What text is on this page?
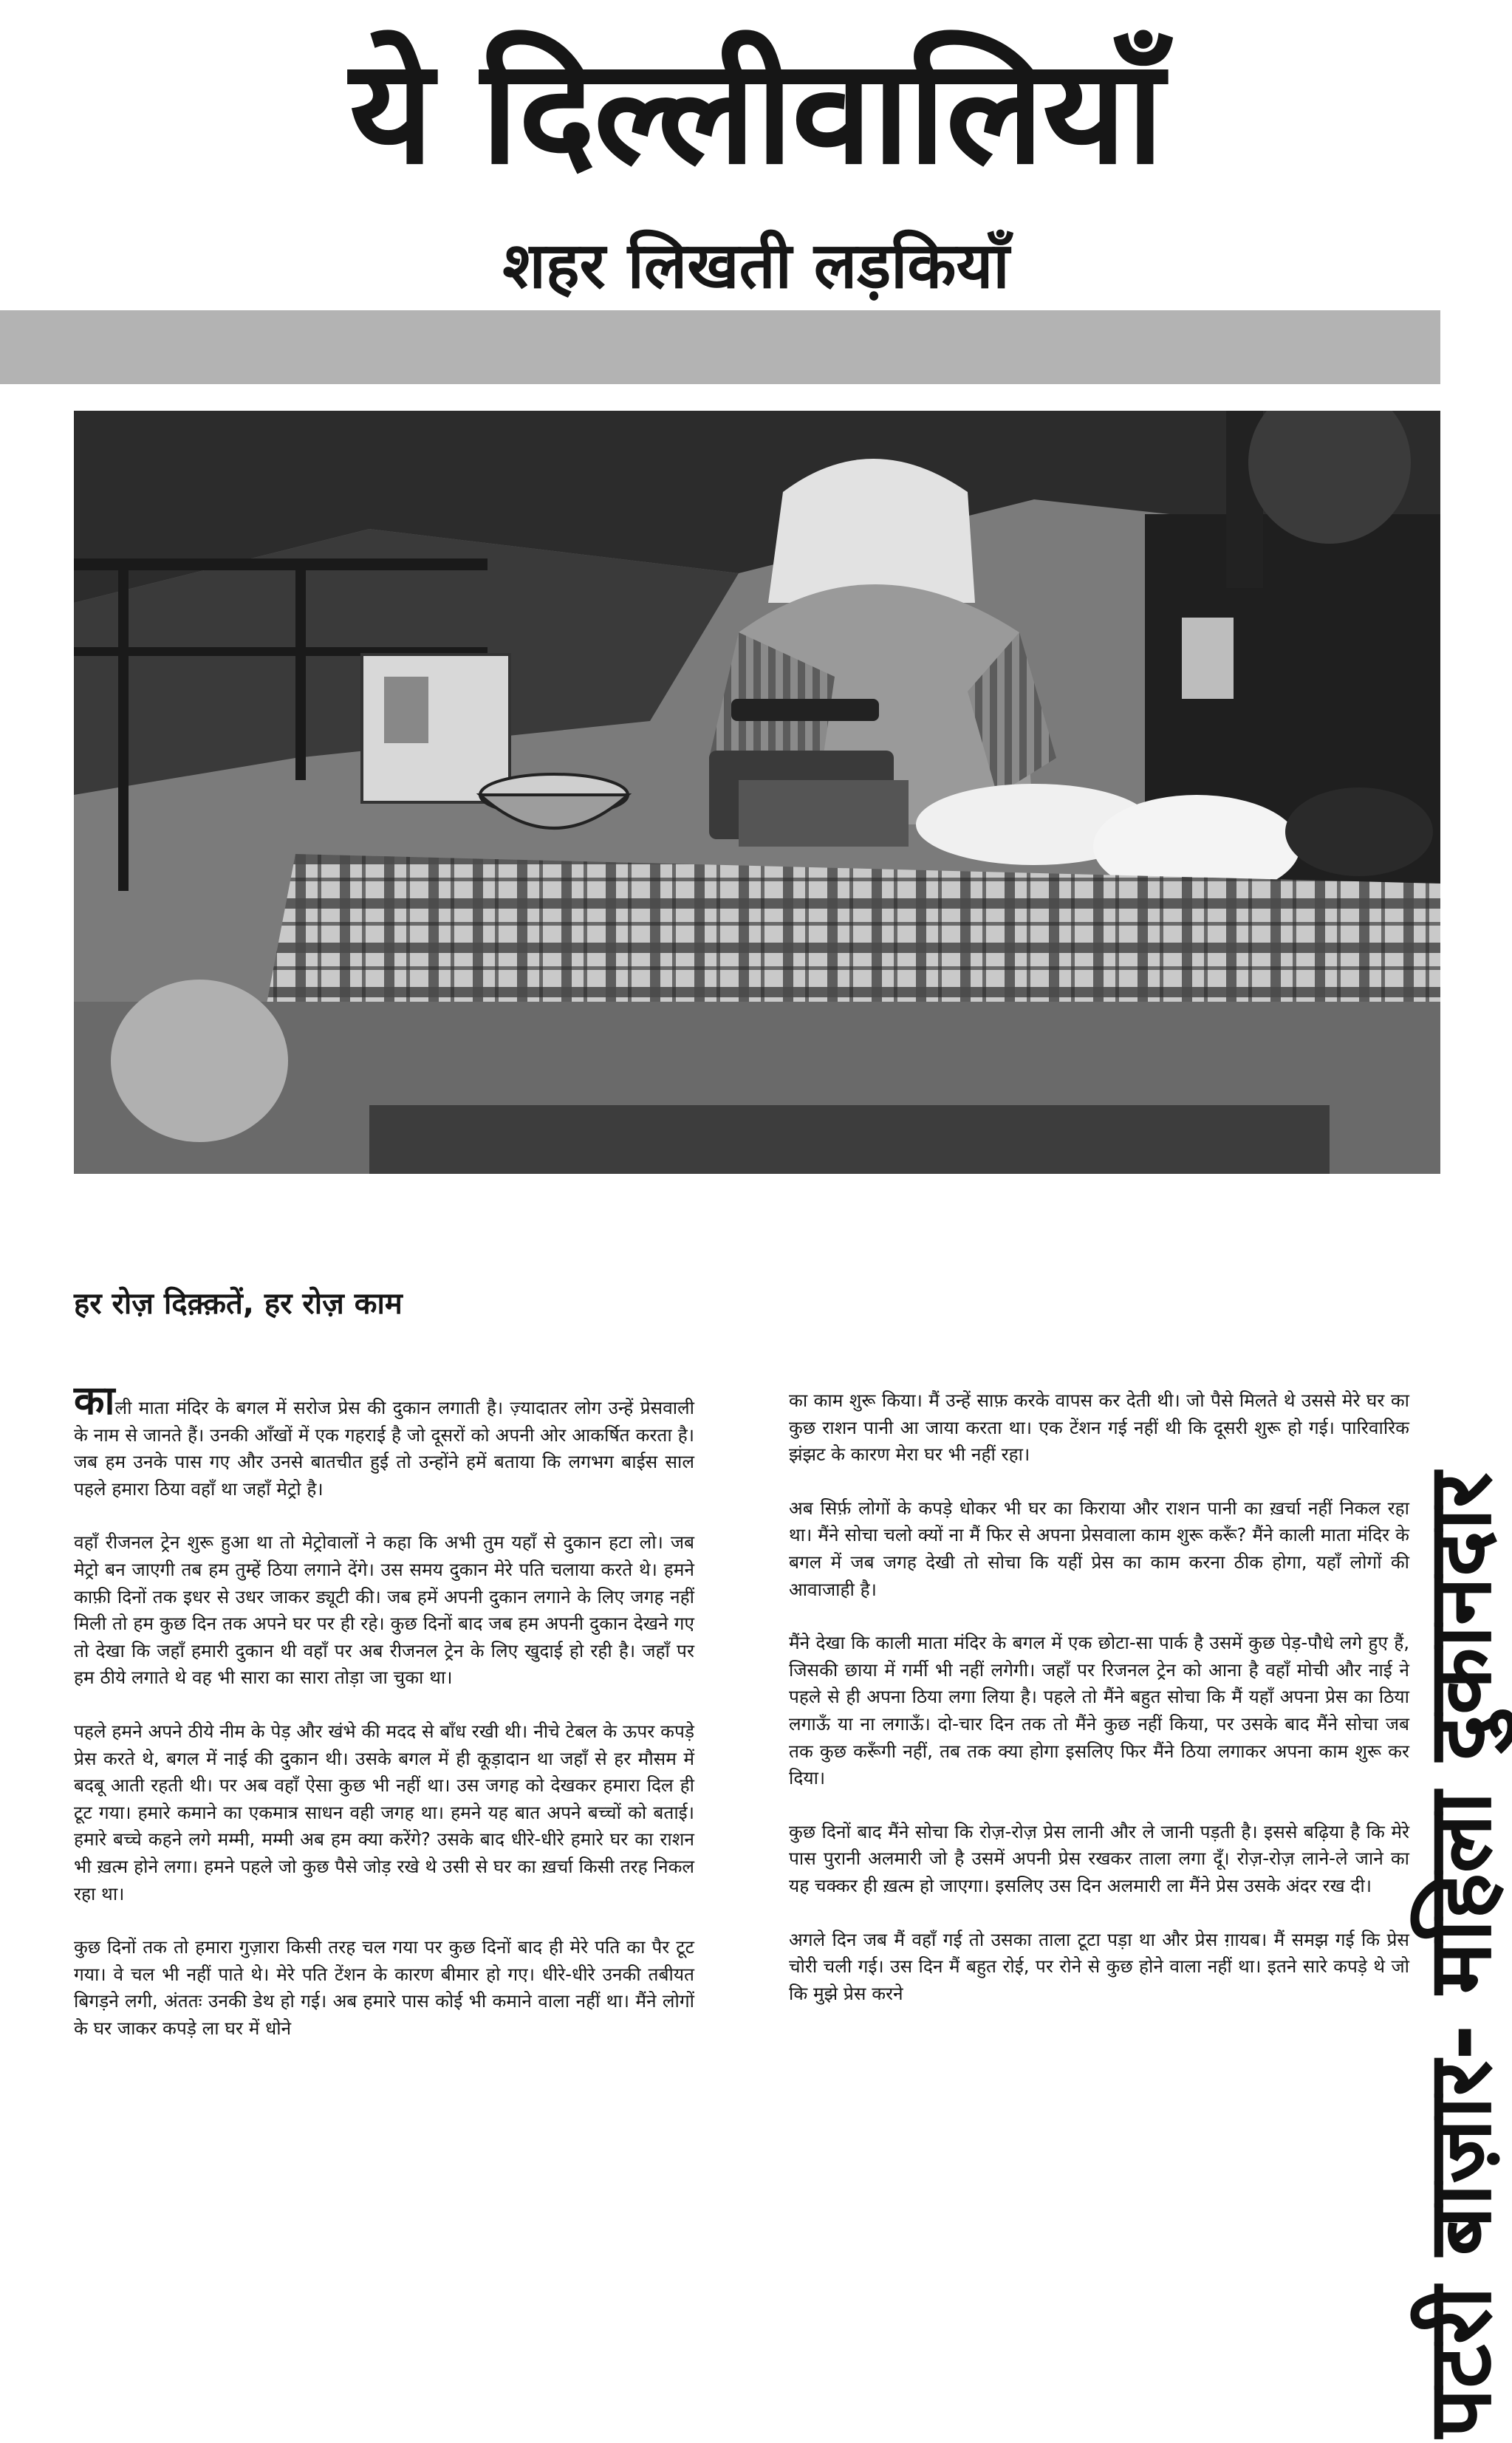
ये दिल्लीवालियाँ
शहर लिखती लड़कियाँ
पटरी बाज़ार- महिला दुकानदार
हर रोज़ दिक़्क़तें, हर रोज़ काम

काली माता मंदिर के बगल में सरोज प्रेस की दुकान लगाती है। ज़्यादातर लोग उन्हें प्रेसवाली के नाम से जानते हैं। उनकी आँखों में एक गहराई है जो दूसरों को अपनी ओर आकर्षित करता है। जब हम उनके पास गए और उनसे बातचीत हुई तो उन्होंने हमें बताया कि लगभग बाईस साल पहले हमारा ठिया वहाँ था जहाँ मेट्रो है।

वहाँ रीजनल ट्रेन शुरू हुआ था तो मेट्रोवालों ने कहा कि अभी तुम यहाँ से दुकान हटा लो। जब मेट्रो बन जाएगी तब हम तुम्हें ठिया लगाने देंगे। उस समय दुकान मेरे पति चलाया करते थे। हमने काफ़ी दिनों तक इधर से उधर जाकर ड्यूटी की। जब हमें अपनी दुकान लगाने के लिए जगह नहीं मिली तो हम कुछ दिन तक अपने घर पर ही रहे। कुछ दिनों बाद जब हम अपनी दुकान देखने गए तो देखा कि जहाँ हमारी दुकान थी वहाँ पर अब रीजनल ट्रेन के लिए खुदाई हो रही है। जहाँ पर हम ठीये लगाते थे वह भी सारा का सारा तोड़ा जा चुका था।

पहले हमने अपने ठीये नीम के पेड़ और खंभे की मदद से बाँध रखी थी। नीचे टेबल के ऊपर कपड़े प्रेस करते थे, बगल में नाई की दुकान थी। उसके बगल में ही कूड़ादान था जहाँ से हर मौसम में बदबू आती रहती थी। पर अब वहाँ ऐसा कुछ भी नहीं था। उस जगह को देखकर हमारा दिल ही टूट गया। हमारे कमाने का एकमात्र साधन वही जगह था। हमने यह बात अपने बच्चों को बताई। हमारे बच्चे कहने लगे मम्मी, मम्मी अब हम क्या करेंगे? उसके बाद धीरे-धीरे हमारे घर का राशन भी ख़त्म होने लगा। हमने पहले जो कुछ पैसे जोड़ रखे थे उसी से घर का ख़र्चा किसी तरह निकल रहा था।

कुछ दिनों तक तो हमारा गुज़ारा किसी तरह चल गया पर कुछ दिनों बाद ही मेरे पति का पैर टूट गया। वे चल भी नहीं पाते थे। मेरे पति टेंशन के कारण बीमार हो गए। धीरे-धीरे उनकी तबीयत बिगड़ने लगी, अंततः उनकी डेथ हो गई। अब हमारे पास कोई भी कमाने वाला नहीं था। मैंने लोगों के घर जाकर कपड़े ला घर में धोने

का काम शुरू किया। मैं उन्हें साफ़ करके वापस कर देती थी। जो पैसे मिलते थे उससे मेरे घर का कुछ राशन पानी आ जाया करता था। एक टेंशन गई नहीं थी कि दूसरी शुरू हो गई। पारिवारिक झंझट के कारण मेरा घर भी नहीं रहा।

अब सिर्फ़ लोगों के कपड़े धोकर भी घर का किराया और राशन पानी का ख़र्चा नहीं निकल रहा था। मैंने सोचा चलो क्यों ना मैं फिर से अपना प्रेसवाला काम शुरू करूँ? मैंने काली माता मंदिर के बगल में जब जगह देखी तो सोचा कि यहीं प्रेस का काम करना ठीक होगा, यहाँ लोगों की आवाजाही है।

मैंने देखा कि काली माता मंदिर के बगल में एक छोटा-सा पार्क है उसमें कुछ पेड़-पौधे लगे हुए हैं, जिसकी छाया में गर्मी भी नहीं लगेगी। जहाँ पर रिजनल ट्रेन को आना है वहाँ मोची और नाई ने पहले से ही अपना ठिया लगा लिया है। पहले तो मैंने बहुत सोचा कि मैं यहाँ अपना प्रेस का ठिया लगाऊँ या ना लगाऊँ। दो-चार दिन तक तो मैंने कुछ नहीं किया, पर उसके बाद मैंने सोचा जब तक कुछ करूँगी नहीं, तब तक क्या होगा इसलिए फिर मैंने ठिया लगाकर अपना काम शुरू कर दिया।

कुछ दिनों बाद मैंने सोचा कि रोज़-रोज़ प्रेस लानी और ले जानी पड़ती है। इससे बढ़िया है कि मेरे पास पुरानी अलमारी जो है उसमें अपनी प्रेस रखकर ताला लगा दूँ। रोज़-रोज़ लाने-ले जाने का यह चक्कर ही ख़त्म हो जाएगा। इसलिए उस दिन अलमारी ला मैंने प्रेस उसके अंदर रख दी।

अगले दिन जब मैं वहाँ गई तो उसका ताला टूटा पड़ा था और प्रेस ग़ायब। मैं समझ गई कि प्रेस चोरी चली गई। उस दिन मैं बहुत रोई, पर रोने से कुछ होने वाला नहीं था। इतने सारे कपड़े थे जो कि मुझे प्रेस करने
